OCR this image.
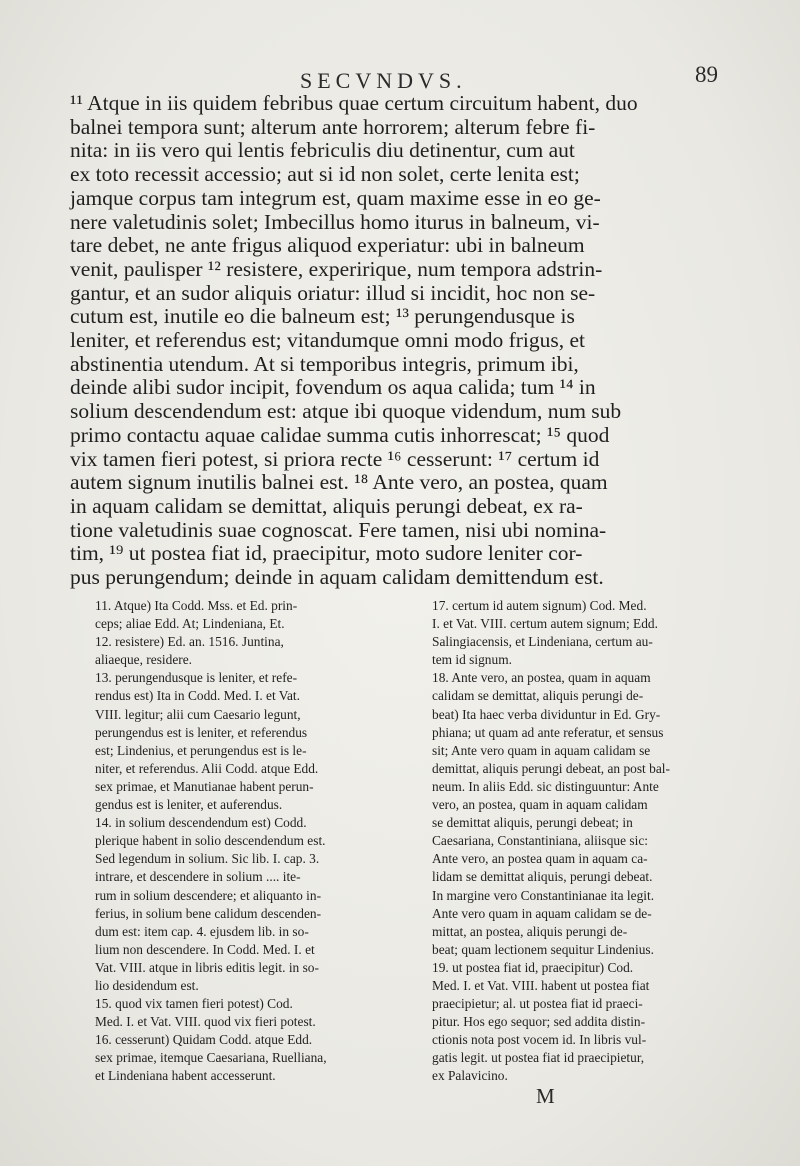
SECVNDVS.	89
¹¹ Atque in iis quidem febribus quae certum circuitum habent, duo
balnei tempora sunt; alterum ante horrorem; alterum febre fi-
nita: in iis vero qui lentis febriculis diu detinentur, cum aut
ex toto recessit accessio; aut si id non solet, certe lenita est;
jamque corpus tam integrum est, quam maxime esse in eo ge-
nere valetudinis solet; Imbecillus homo iturus in balneum, vi-
tare debet, ne ante frigus aliquod experiatur: ubi in balneum
venit, paulisper ¹² resistere, experirique, num tempora adstrin-
gantur, et an sudor aliquis oriatur: illud si incidit, hoc non se-
cutum est, inutile eo die balneum est; ¹³ perungendusque is
leniter, et referendus est; vitandumque omni modo frigus, et
abstinentia utendum. At si temporibus integris, primum ibi,
deinde alibi sudor incipit, fovendum os aqua calida; tum ¹⁴ in
solium descendendum est: atque ibi quoque videndum, num sub
primo contactu aquae calidae summa cutis inhorrescat; ¹⁵ quod
vix tamen fieri potest, si priora recte ¹⁶ cesserunt: ¹⁷ certum id
autem signum inutilis balnei est. ¹⁸ Ante vero, an postea, quam
in aquam calidam se demittat, aliquis perungi debeat, ex ra-
tione valetudinis suae cognoscat. Fere tamen, nisi ubi nomina-
tim, ¹⁹ ut postea fiat id, praecipitur, moto sudore leniter cor-
pus perungendum; deinde in aquam calidam demittendum est.
11. Atque) Ita Codd. Mss. et Ed. prin-
ceps; aliae Edd. At; Lindeniana, Et.
12. resistere) Ed. an. 1516. Juntina,
aliaeque, residere.
13. perungendusque is leniter, et refe-
rendus est) Ita in Codd. Med. I. et Vat.
VIII. legitur; alii cum Caesario legunt,
perungendus est is leniter, et referendus
est; Lindenius, et perungendus est is le-
niter, et referendus. Alii Codd. atque Edd.
sex primae, et Manutianae habent perun-
gendus est is leniter, et auferendus.
14. in solium descendendum est) Codd.
plerique habent in solio descendendum est.
Sed legendum in solium. Sic lib. I. cap. 3.
intrare, et descendere in solium .... ite-
rum in solium descendere; et aliquanto in-
ferius, in solium bene calidum descenden-
dum est: item cap. 4. ejusdem lib. in so-
lium non descendere. In Codd. Med. I. et
Vat. VIII. atque in libris editis legit. in so-
lio desidendum est.
15. quod vix tamen fieri potest) Cod.
Med. I. et Vat. VIII. quod vix fieri potest.
16. cesserunt) Quidam Codd. atque Edd.
sex primae, itemque Caesariana, Ruelliana,
et Lindeniana habent accesserunt.
17. certum id autem signum) Cod. Med.
I. et Vat. VIII. certum autem signum; Edd.
Salingiacensis, et Lindeniana, certum au-
tem id signum.
18. Ante vero, an postea, quam in aquam
calidam se demittat, aliquis perungi de-
beat) Ita haec verba dividuntur in Ed. Gry-
phiana; ut quam ad ante referatur, et sensus
sit; Ante vero quam in aquam calidam se
demittat, aliquis perungi debeat, an post bal-
neum. In aliis Edd. sic distinguuntur: Ante
vero, an postea, quam in aquam calidam
se demittat aliquis, perungi debeat; in
Caesariana, Constantiniana, aliisque sic:
Ante vero, an postea quam in aquam ca-
lidam se demittat aliquis, perungi debeat.
In margine vero Constantinianae ita legit.
Ante vero quam in aquam calidam se de-
mittat, an postea, aliquis perungi de-
beat; quam lectionem sequitur Lindenius.
19. ut postea fiat id, praecipitur) Cod.
Med. I. et Vat. VIII. habent ut postea fiat
praecipietur; al. ut postea fiat id praeci-
pitur. Hos ego sequor; sed addita distin-
ctionis nota post vocem id. In libris vul-
gatis legit. ut postea fiat id praecipietur,
ex Palavicino.
M
